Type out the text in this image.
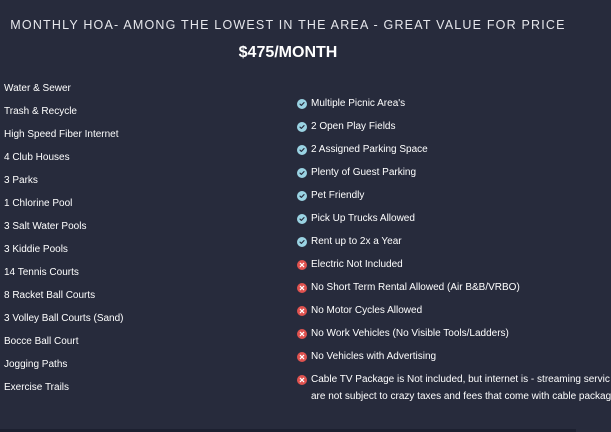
MONTHLY HOA- AMONG THE LOWEST IN THE AREA - GREAT VALUE FOR PRICE
$475/MONTH
Water & Sewer
Trash & Recycle
High Speed Fiber Internet
4 Club Houses
3 Parks
1 Chlorine Pool
3 Salt Water Pools
3 Kiddie Pools
14 Tennis Courts
8 Racket Ball Courts
3 Volley Ball Courts (Sand)
Bocce Ball Court
Jogging Paths
Exercise Trails
Multiple Picnic Area's
2 Open Play Fields
2 Assigned Parking Space
Plenty of Guest Parking
Pet Friendly
Pick Up Trucks Allowed
Rent up to 2x a Year
Electric Not Included
No Short Term Rental Allowed (Air B&B/VRBO)
No Motor Cycles Allowed
No Work Vehicles (No Visible Tools/Ladders)
No Vehicles with Advertising
Cable TV Package is Not included, but internet is - streaming servic
are not subject to crazy taxes and fees that come with cable packag
